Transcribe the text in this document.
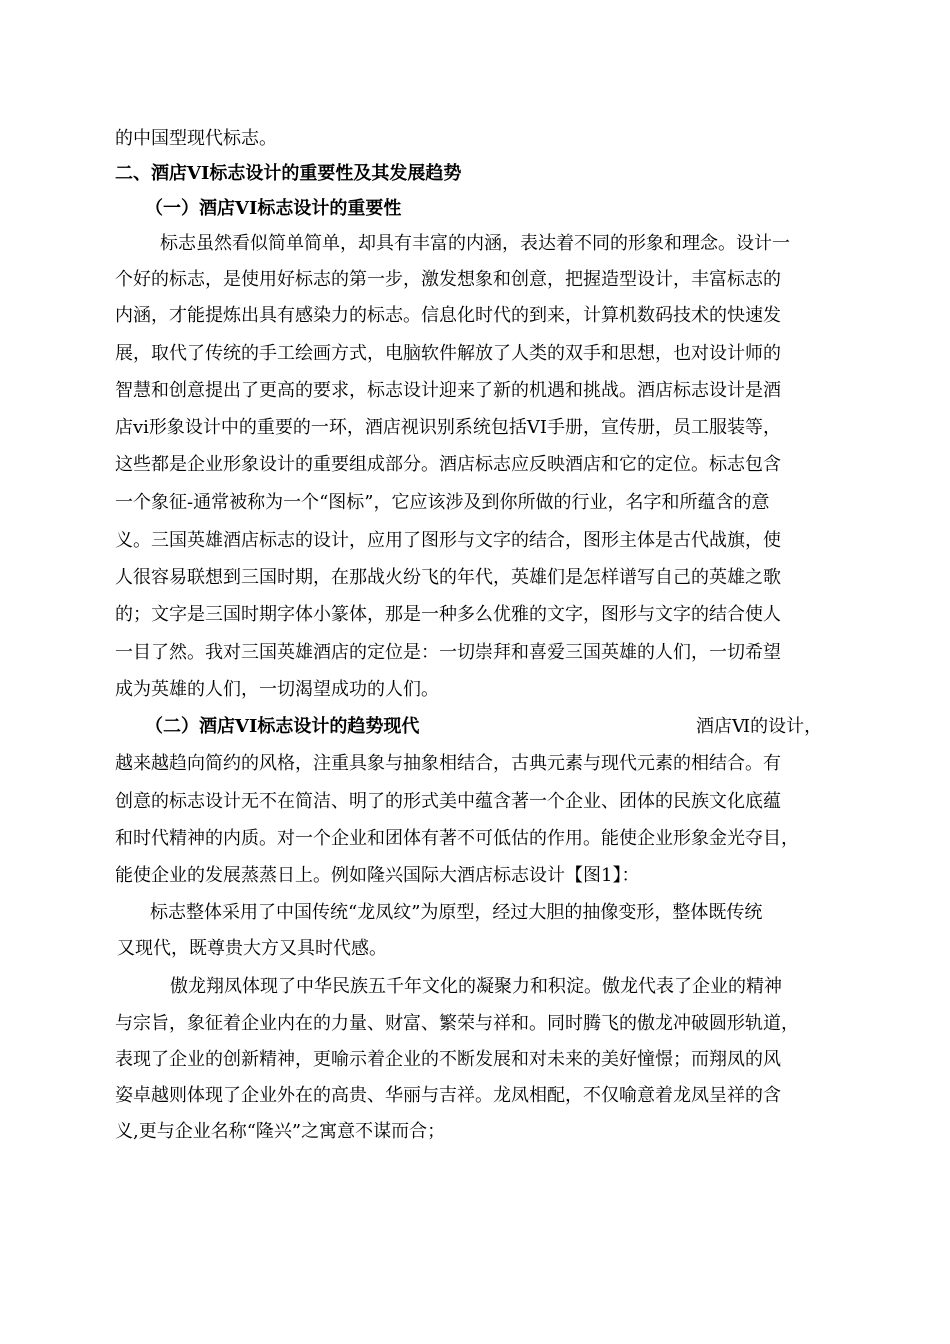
的中国型现代标志。

二、酒店VI标志设计的重要性及其发展趋势

（一）酒店VI标志设计的重要性

标志虽然看似简单简单，却具有丰富的内涵，表达着不同的形象和理念。设计一

个好的标志，是使用好标志的第一步，激发想象和创意，把握造型设计，丰富标志的

内涵，才能提炼出具有感染力的标志。信息化时代的到来，计算机数码技术的快速发

展，取代了传统的手工绘画方式，电脑软件解放了人类的双手和思想，也对设计师的

智慧和创意提出了更高的要求，标志设计迎来了新的机遇和挑战。酒店标志设计是酒

店vi形象设计中的重要的一环，酒店视识别系统包括VI手册，宣传册，员工服装等，

这些都是企业形象设计的重要组成部分。酒店标志应反映酒店和它的定位。标志包含

一个象征-通常被称为一个“图标”，它应该涉及到你所做的行业，名字和所蕴含的意

义。三国英雄酒店标志的设计，应用了图形与文字的结合，图形主体是古代战旗，使

人很容易联想到三国时期，在那战火纷飞的年代，英雄们是怎样谱写自己的英雄之歌

的；文字是三国时期字体小篆体，那是一种多么优雅的文字，图形与文字的结合使人

一目了然。我对三国英雄酒店的定位是：一切崇拜和喜爱三国英雄的人们，一切希望

成为英雄的人们，一切渴望成功的人们。

（二）酒店VI标志设计的趋势现代	酒店Ⅵ的设计，

越来越趋向简约的风格，注重具象与抽象相结合，古典元素与现代元素的相结合。有

创意的标志设计无不在简洁、明了的形式美中蕴含著一个企业、团体的民族文化底蕴

和时代精神的内质。对一个企业和团体有著不可低估的作用。能使企业形象金光夺目，

能使企业的发展蒸蒸日上。例如隆兴国际大酒店标志设计【图1】：

标志整体采用了中国传统“龙凤纹”为原型，经过大胆的抽像变形，整体既传统

又现代，既尊贵大方又具时代感。

傲龙翔凤体现了中华民族五千年文化的凝聚力和积淀。傲龙代表了企业的精神

与宗旨，象征着企业内在的力量、财富、繁荣与祥和。同时腾飞的傲龙冲破圆形轨道，

表现了企业的创新精神，更喻示着企业的不断发展和对未来的美好憧憬；而翔凤的风

姿卓越则体现了企业外在的高贵、华丽与吉祥。龙凤相配，不仅喻意着龙凤呈祥的含

义,更与企业名称“隆兴”之寓意不谋而合；
